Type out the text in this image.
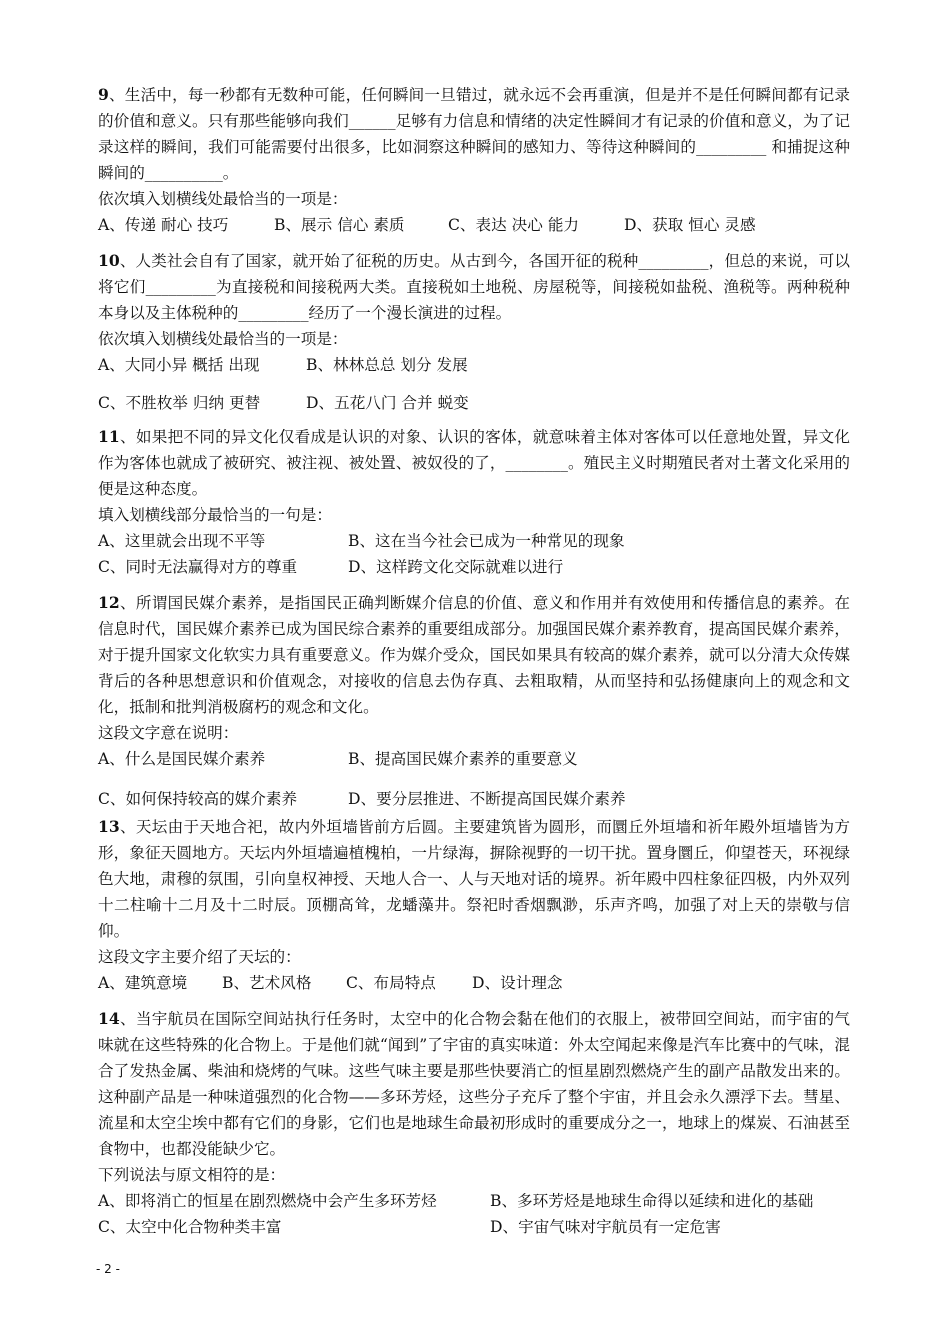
9、生活中，每一秒都有无数种可能，任何瞬间一旦错过，就永远不会再重演，但是并不是任何瞬间都有记录的价值和意义。只有那些能够向我们______足够有力信息和情绪的决定性瞬间才有记录的价值和意义，为了记录这样的瞬间，我们可能需要付出很多，比如洞察这种瞬间的感知力、等待这种瞬间的_________ 和捕捉这种瞬间的__________。

依次填入划横线处最恰当的一项是：

A、传递 耐心 技巧	B、展示 信心 素质	C、表达 决心 能力	D、获取 恒心 灵感

10、人类社会自有了国家，就开始了征税的历史。从古到今，各国开征的税种_________，但总的来说，可以将它们_________为直接税和间接税两大类。直接税如土地税、房屋税等，间接税如盐税、渔税等。两种税种本身以及主体税种的_________经历了一个漫长演进的过程。

依次填入划横线处最恰当的一项是：

A、大同小异 概括 出现	B、林林总总 划分 发展
C、不胜枚举 归纳 更替	D、五花八门 合并 蜕变

11、如果把不同的异文化仅看成是认识的对象、认识的客体，就意味着主体对客体可以任意地处置，异文化作为客体也就成了被研究、被注视、被处置、被奴役的了，________。殖民主义时期殖民者对土著文化采用的便是这种态度。

填入划横线部分最恰当的一句是：

A、这里就会出现不平等	B、这在当今社会已成为一种常见的现象
C、同时无法赢得对方的尊重	D、这样跨文化交际就难以进行

12、所谓国民媒介素养，是指国民正确判断媒介信息的价值、意义和作用并有效使用和传播信息的素养。在信息时代，国民媒介素养已成为国民综合素养的重要组成部分。加强国民媒介素养教育，提高国民媒介素养，对于提升国家文化软实力具有重要意义。作为媒介受众，国民如果具有较高的媒介素养，就可以分清大众传媒背后的各种思想意识和价值观念，对接收的信息去伪存真、去粗取精，从而坚持和弘扬健康向上的观念和文化，抵制和批判消极腐朽的观念和文化。

这段文字意在说明：

A、什么是国民媒介素养	B、提高国民媒介素养的重要意义
C、如何保持较高的媒介素养	D、要分层推进、不断提高国民媒介素养

13、天坛由于天地合祀，故内外垣墙皆前方后圆。主要建筑皆为圆形，而圜丘外垣墙和祈年殿外垣墙皆为方形，象征天圆地方。天坛内外垣墙遍植槐柏，一片绿海，摒除视野的一切干扰。置身圜丘，仰望苍天，环视绿色大地，肃穆的氛围，引向皇权神授、天地人合一、人与天地对话的境界。祈年殿中四柱象征四极，内外双列十二柱喻十二月及十二时辰。顶棚高耸，龙蟠藻井。祭祀时香烟飘渺，乐声齐鸣，加强了对上天的崇敬与信仰。

这段文字主要介绍了天坛的：

A、建筑意境	B、艺术风格	C、布局特点	D、设计理念

14、当宇航员在国际空间站执行任务时，太空中的化合物会黏在他们的衣服上，被带回空间站，而宇宙的气味就在这些特殊的化合物上。于是他们就“闻到”了宇宙的真实味道：外太空闻起来像是汽车比赛中的气味，混合了发热金属、柴油和烧烤的气味。这些气味主要是那些快要消亡的恒星剧烈燃烧产生的副产品散发出来的。这种副产品是一种味道强烈的化合物——多环芳烃，这些分子充斥了整个宇宙，并且会永久漂浮下去。彗星、流星和太空尘埃中都有它们的身影，它们也是地球生命最初形成时的重要成分之一，地球上的煤炭、石油甚至食物中，也都没能缺少它。

下列说法与原文相符的是：

A、即将消亡的恒星在剧烈燃烧中会产生多环芳烃	B、多环芳烃是地球生命得以延续和进化的基础
C、太空中化合物种类丰富	D、宇宙气味对宇航员有一定危害
- 2 -
